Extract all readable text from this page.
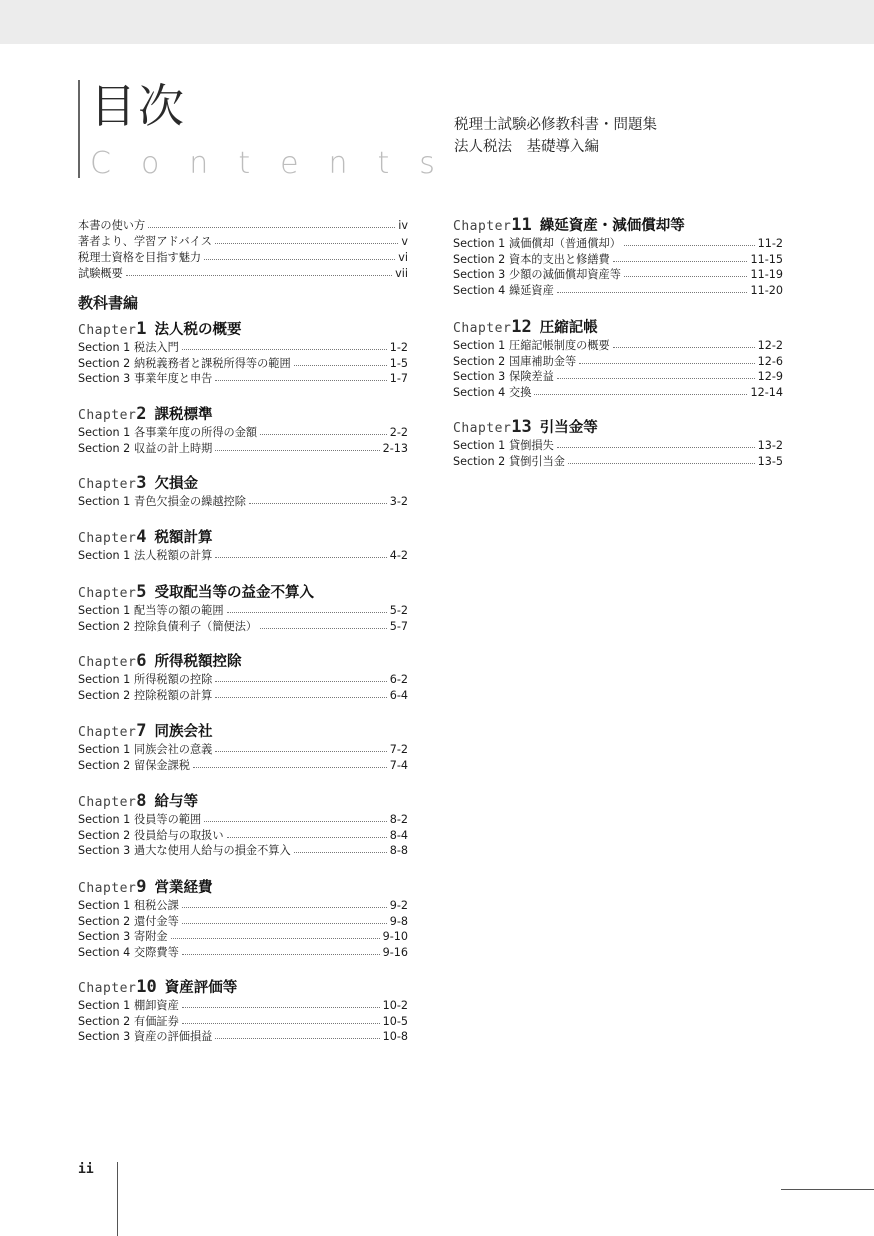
目次
Contents
税理士試験必修教科書・問題集
法人税法　基礎導入編
本書の使い方	iv
著者より、学習アドバイス	v
税理士資格を目指す魅力	vi
試験概要	vii
教科書編
Chapter 1 法人税の概要
Section 1 税法入門	1-2
Section 2 納税義務者と課税所得等の範囲	1-5
Section 3 事業年度と申告	1-7
Chapter 2 課税標準
Section 1 各事業年度の所得の金額	2-2
Section 2 収益の計上時期	2-13
Chapter 3 欠損金
Section 1 青色欠損金の繰越控除	3-2
Chapter 4 税額計算
Section 1 法人税額の計算	4-2
Chapter 5 受取配当等の益金不算入
Section 1 配当等の額の範囲	5-2
Section 2 控除負債利子（簡便法）	5-7
Chapter 6 所得税額控除
Section 1 所得税額の控除	6-2
Section 2 控除税額の計算	6-4
Chapter 7 同族会社
Section 1 同族会社の意義	7-2
Section 2 留保金課税	7-4
Chapter 8 給与等
Section 1 役員等の範囲	8-2
Section 2 役員給与の取扱い	8-4
Section 3 過大な使用人給与の損金不算入	8-8
Chapter 9 営業経費
Section 1 租税公課	9-2
Section 2 還付金等	9-8
Section 3 寄附金	9-10
Section 4 交際費等	9-16
Chapter 10 資産評価等
Section 1 棚卸資産	10-2
Section 2 有価証券	10-5
Section 3 資産の評価損益	10-8
Chapter 11 繰延資産・減価償却等
Section 1 減価償却（普通償却）	11-2
Section 2 資本的支出と修繕費	11-15
Section 3 少額の減価償却資産等	11-19
Section 4 繰延資産	11-20
Chapter 12 圧縮記帳
Section 1 圧縮記帳制度の概要	12-2
Section 2 国庫補助金等	12-6
Section 3 保険差益	12-9
Section 4 交換	12-14
Chapter 13 引当金等
Section 1 貸倒損失	13-2
Section 2 貸倒引当金	13-5
ii
